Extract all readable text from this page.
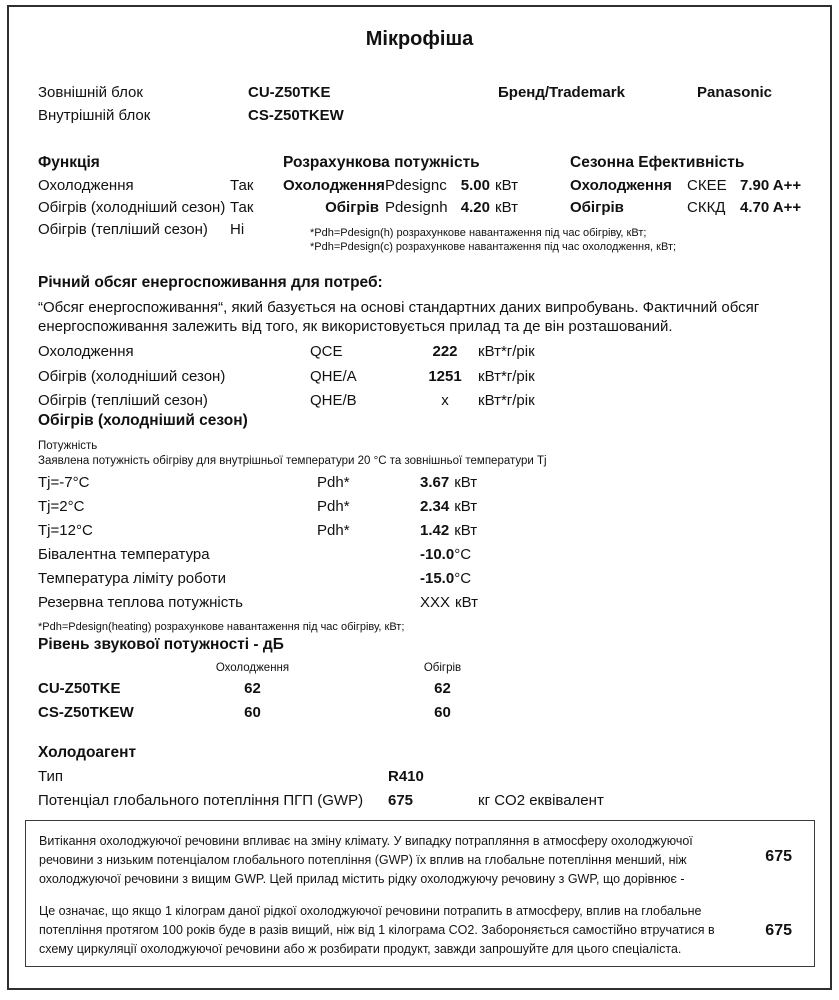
Мікрофіша
Зовнішній блок	CU-Z50TKE	Бренд/Trademark	Panasonic
Внутрішній блок	CS-Z50TKEW
Функція
Охолодження	Так
Обігрів (холодніший сезон) Так
Обігрів (тепліший сезон)	Ні
Розрахункова потужність
Охолодження Pdesignc 5.00 кВт
Обігрів Pdesignh 4.20 кВт
Сезонна Ефективність
Охолодження	СКЕЕ 7.90 A++
Обігрів	СККД 4.70 A++
*Pdh=Pdesign(h) розрахункове навантаження під час обігріву, кВт;
*Pdh=Pdesign(c) розрахункове навантаження під час охолодження, кВт;
Річний обсяг енергоспоживання для потреб:

“Обсяг енергоспоживання“, який базується на основі стандартних даних випробувань. Фактичний обсяг енергоспоживання залежить від того, як використовується прилад та де він розташований.

Охолодження	QCE	222	кВт*г/рік
Обігрів (холодніший сезон)	QHE/A	1251	кВт*г/рік
Обігрів (тепліший сезон)	QHE/B	x	кВт*г/рік
Обігрів (холодніший сезон)
Потужність
Заявлена потужність обігріву для внутрішньої температури 20 °C та зовнішньої температури Tj
Tj=-7°C	Pdh*	3.67 кВт
Tj=2°C	Pdh*	2.34 кВт
Tj=12°C	Pdh*	1.42 кВт
Бівалентна температура	-10.0°C
Температура ліміту роботи	-15.0°C
Резервна теплова потужність	XXX кВт
*Pdh=Pdesign(heating) розрахункове навантаження під час обігріву, кВт;
Рівень звукової потужності - дБ
Охолодження	Обігрів
CU-Z50TKE	62	62
CS-Z50TKEW	60	60
Холодоагент
Тип	R410
Потенціал глобального потепління ПГП (GWP)	675	кг CO2 еквівалент

Витікання охолоджуючої речовини впливає на зміну клімату. У випадку потрапляння в атмосферу охолоджуючої речовини з низьким потенціалом глобального потепління (GWP) їх вплив на глобальне потепління менший, ніж охолоджуючої речовини з вищим GWP. Цей прилад містить рідку охолоджуючу речовину з GWP, що дорівнює -

Це означає, що якщо 1 кілограм даної рідкої охолоджуючої речовини потрапить в атмосферу, вплив на глобальне потепління протягом 100 років буде в разів вищий, ніж від 1 кілограма CO2. Забороняється самостійно втручатися в схему циркуляції охолоджуючої речовини або ж розбирати продукт, завжди запрошуйте для цього спеціаліста.

675
675
